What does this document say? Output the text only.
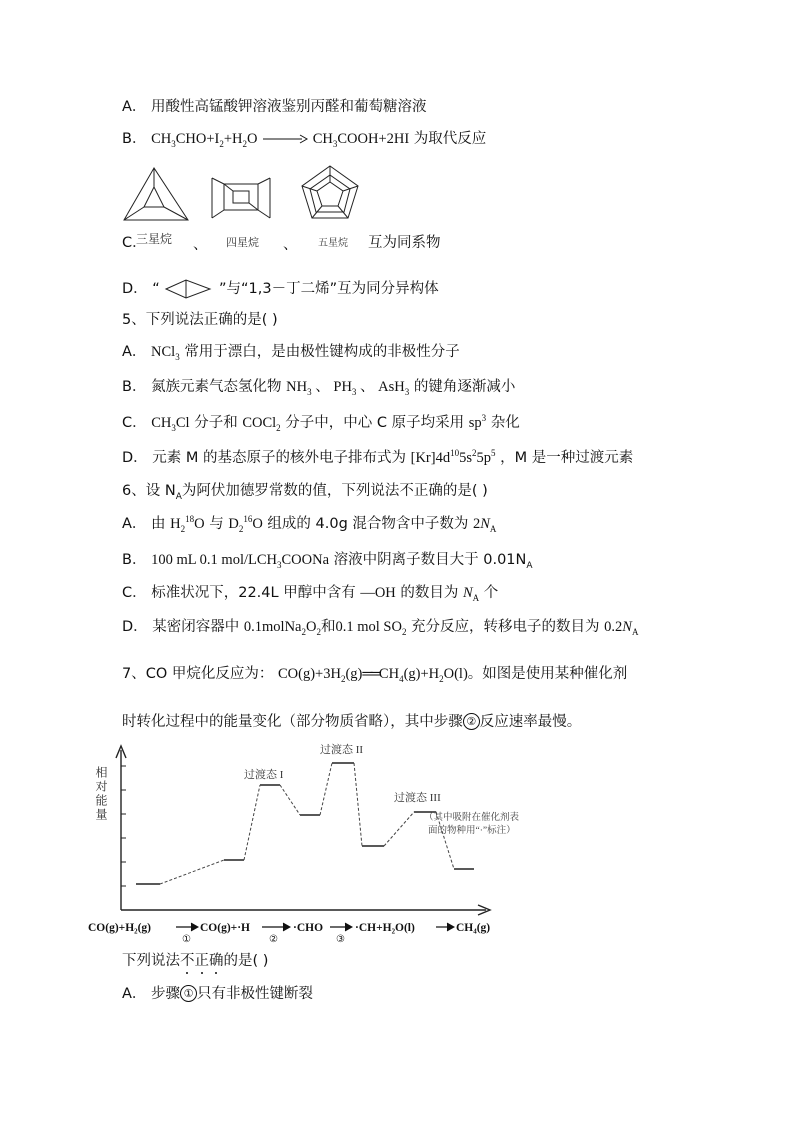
A． 用酸性高锰酸钾溶液鉴别丙醛和葡萄糖溶液
B． $CH_3CHO+I_2+H_2O$ → $CH_3COOH+2HI$ 为取代反应
C．
三星烷 、 四星烷 、 五星烷 互为同系物
D． “	”与“1,3－丁二烯”互为同分异构体
5、下列说法正确的是( )
A． NCl$_3$ 常用于漂白，是由极性键构成的非极性分子
B． 氮族元素气态氢化物 $NH_3$ 、 $PH_3$ 、 AsH$_3$ 的键角逐渐减小
C． $CH_3Cl$ 分子和 COCl$_2$ 分子中，中心 C 原子均采用 $sp^3$ 杂化
D． 元素 M 的基态原子的核外电子排布式为 $[Kr]4d^{10}5s^25p^5$ ，M 是一种过渡元素
6、设 $N_A$为阿伏加德罗常数的值，下列说法不正确的是( )
A． 由 $H_2^{18}O$ 与 $D_2^{16}O$ 组成的 4.0g 混合物含中子数为 $2N_A$
B． 100 mL 0.1 mol/$LCH_3COONa$ 溶液中阴离子数目大于 $0.01N_A$
C． 标准状况下，22.4L 甲醇中含有 —OH 的数目为 $N_A$ 个
D． 某密闭容器中 $0.1molNa_2O_2$和0.1 mol $SO_2$ 充分反应，转移电子的数目为 $0.2N_A$
7、CO 甲烷化反应为： $CO(g)+3H_2(g)══CH_4(g)+H_2O(l)$。如图是使用某种催化剂
时转化过程中的能量变化（部分物质省略），其中步骤 ② 反应速率最慢。
相对能量	过渡态 I
过渡态 II
过渡态 III
（其中吸附在催化剂表
面的物种用“·”标注）
CO(g)+H₂(g)	CO(g)+·H	·CHO	·CH+H₂O(l)	CH₄(g)
①	②	③
下列说法不正确的是( )
A． 步骤 ① 只有非极性键断裂
